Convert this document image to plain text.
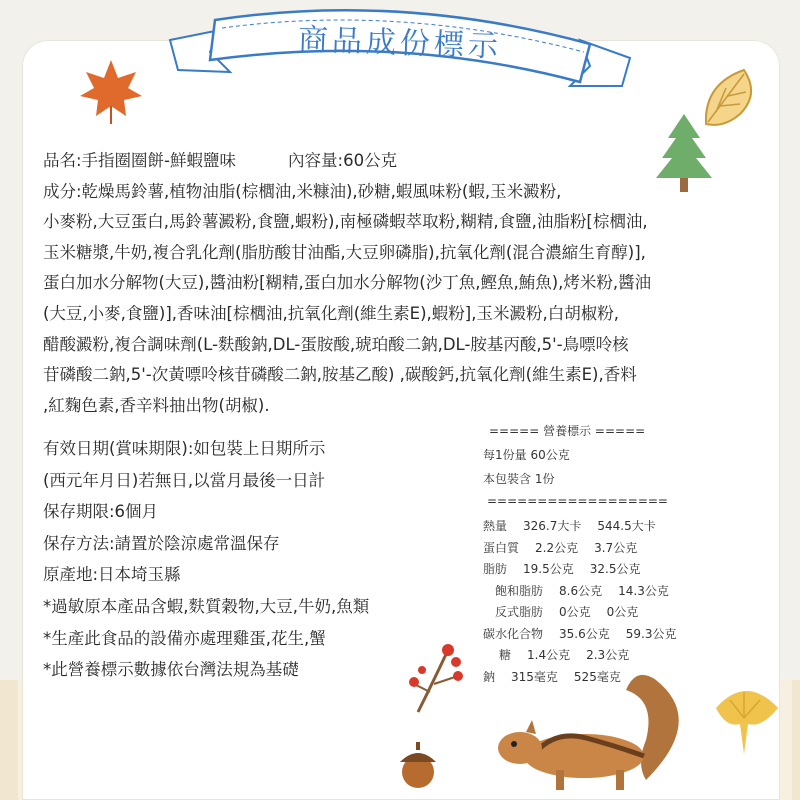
商品成份標示
品名:手指圈圈餅-鮮蝦鹽味	內容量:60公克
成分:乾燥馬鈴薯,植物油脂(棕櫚油,米糠油),砂糖,蝦風味粉(蝦,玉米澱粉,
小麥粉,大豆蛋白,馬鈴薯澱粉,食鹽,蝦粉),南極磷蝦萃取粉,糊精,食鹽,油脂粉[棕櫚油,
玉米糖漿,牛奶,複合乳化劑(脂肪酸甘油酯,大豆卵磷脂),抗氧化劑(混合濃縮生育醇)],
蛋白加水分解物(大豆),醬油粉[糊精,蛋白加水分解物(沙丁魚,鰹魚,鮪魚),烤米粉,醬油
(大豆,小麥,食鹽)],香味油[棕櫚油,抗氧化劑(維生素E),蝦粉],玉米澱粉,白胡椒粉,
醋酸澱粉,複合調味劑(L-麩酸鈉,DL-蛋胺酸,琥珀酸二鈉,DL-胺基丙酸,5'-鳥嘌呤核
苷磷酸二鈉,5'-次黃嘌呤核苷磷酸二鈉,胺基乙酸) ,碳酸鈣,抗氧化劑(維生素E),香料
,紅麴色素,香辛料抽出物(胡椒).
有效日期(賞味期限):如包裝上日期所示
(西元年月日)若無日,以當月最後一日計
保存期限:6個月
保存方法:請置於陰涼處常溫保存
原產地:日本埼玉縣
*過敏原本產品含蝦,麩質穀物,大豆,牛奶,魚類
*生產此食品的設備亦處理雞蛋,花生,蟹
*此營養標示數據依台灣法規為基礎
===== 營養標示 =====
每1份量 60公克
本包裝含 1份
==================
熱量 326.7大卡 544.5大卡
蛋白質 2.2公克 3.7公克
脂肪 19.5公克 32.5公克
飽和脂肪 8.6公克 14.3公克
反式脂肪 0公克 0公克
碳水化合物 35.6公克 59.3公克
糖 1.4公克 2.3公克
鈉 315毫克 525毫克
